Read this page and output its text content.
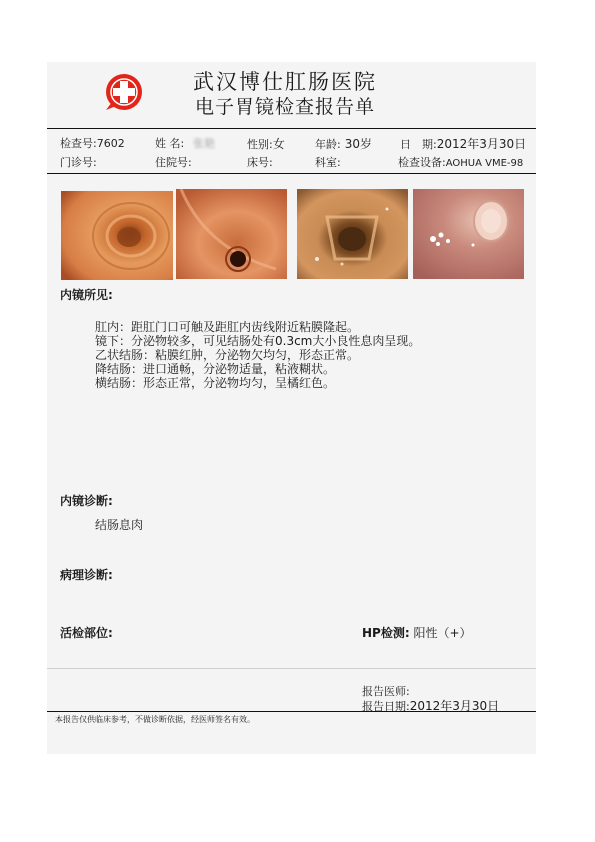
武汉博仕肛肠医院
电子胃镜检查报告单
检查号:7602	姓 名: 张艳	性别:女	年龄: 30岁	日　期:2012年3月30日
门诊号:	住院号:	床号:	科室:	检查设备:AOHUA VME-98
内镜所见:
肛内：距肛门口可触及距肛内齿线附近粘膜隆起。
镜下：分泌物较多，可见结肠处有0.3cm大小良性息肉呈现。
乙状结肠：粘膜红肿，分泌物欠均匀，形态正常。
降结肠：进口通畅，分泌物适量，粘液糊状。
横结肠：形态正常，分泌物均匀，呈橘红色。
内镜诊断:
结肠息肉
病理诊断:
活检部位:	HP检测: 阳性（+）
报告医师:
报告日期:2012年3月30日
本报告仅供临床参考，不做诊断依据，经医师签名有效。
